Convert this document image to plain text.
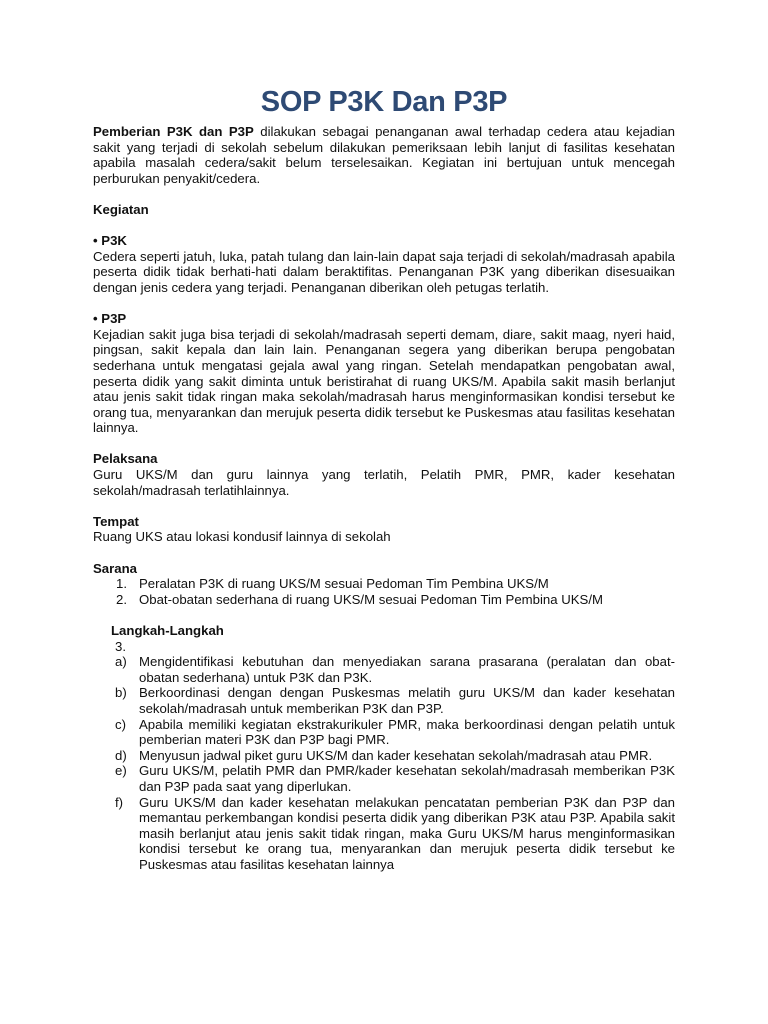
SOP P3K Dan P3P

Pemberian P3K dan P3P dilakukan sebagai penanganan awal terhadap cedera atau kejadian sakit yang terjadi di sekolah sebelum dilakukan pemeriksaan lebih lanjut di fasilitas kesehatan apabila masalah cedera/sakit belum terselesaikan. Kegiatan ini bertujuan untuk mencegah perburukan penyakit/cedera.

Kegiatan

• P3K

Cedera seperti jatuh, luka, patah tulang dan lain-lain dapat saja terjadi di sekolah/madrasah apabila peserta didik tidak berhati-hati dalam beraktifitas. Penanganan P3K yang diberikan disesuaikan dengan jenis cedera yang terjadi. Penanganan diberikan oleh petugas terlatih.

• P3P

Kejadian sakit juga bisa terjadi di sekolah/madrasah seperti demam, diare, sakit maag, nyeri haid, pingsan, sakit kepala dan lain lain. Penanganan segera yang diberikan berupa pengobatan sederhana untuk mengatasi gejala awal yang ringan. Setelah mendapatkan pengobatan awal, peserta didik yang sakit diminta untuk beristirahat di ruang UKS/M. Apabila sakit masih berlanjut atau jenis sakit tidak ringan maka sekolah/madrasah harus menginformasikan kondisi tersebut ke orang tua, menyarankan dan merujuk peserta didik tersebut ke Puskesmas atau fasilitas kesehatan lainnya.

Pelaksana

Guru UKS/M dan guru lainnya yang terlatih, Pelatih PMR, PMR, kader kesehatan sekolah/madrasah terlatihlainnya.

Tempat

Ruang UKS atau lokasi kondusif lainnya di sekolah

Sarana

1. Peralatan P3K di ruang UKS/M sesuai Pedoman Tim Pembina UKS/M
2. Obat-obatan sederhana di ruang UKS/M sesuai Pedoman Tim Pembina UKS/M

Langkah-Langkah

3.

a) Mengidentifikasi kebutuhan dan menyediakan sarana prasarana (peralatan dan obat-obatan sederhana) untuk P3K dan P3K.
b) Berkoordinasi dengan dengan Puskesmas melatih guru UKS/M dan kader kesehatan sekolah/madrasah untuk memberikan P3K dan P3P.
c) Apabila memiliki kegiatan ekstrakurikuler PMR, maka berkoordinasi dengan pelatih untuk pemberian materi P3K dan P3P bagi PMR.
d) Menyusun jadwal piket guru UKS/M dan kader kesehatan sekolah/madrasah atau PMR.
e) Guru UKS/M, pelatih PMR dan PMR/kader kesehatan sekolah/madrasah memberikan P3K dan P3P pada saat yang diperlukan.
f) Guru UKS/M dan kader kesehatan melakukan pencatatan pemberian P3K dan P3P dan memantau perkembangan kondisi peserta didik yang diberikan P3K atau P3P. Apabila sakit masih berlanjut atau jenis sakit tidak ringan, maka Guru UKS/M harus menginformasikan kondisi tersebut ke orang tua, menyarankan dan merujuk peserta didik tersebut ke Puskesmas atau fasilitas kesehatan lainnya
